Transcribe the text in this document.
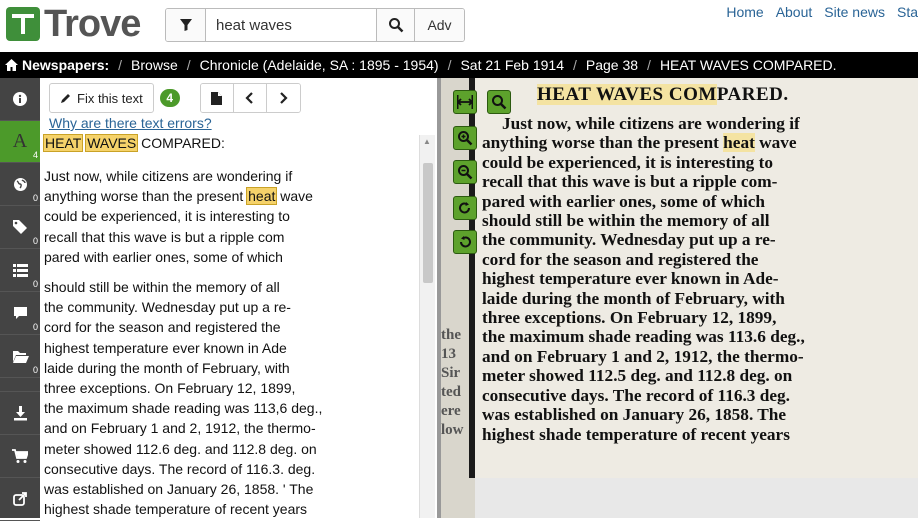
Trove
heat waves	Adv
Home About Site news Sta
Newspapers : / Browse / Chronicle (Adelaide, SA : 1895 - 1954) / Sat 21 Feb 1914 / Page 38 / HEAT WAVES COMPARED.
A
4
0
0
0
0
0
Fix this text	4
Why are there text errors?
HEAT WAVES COMPARED:
Just now, while citizens are wondering if
anything worse than the present heat wave
could be experienced, it is interesting to
recall that this wave is but a ripple com
pared with earlier ones, some of which
should still be within the memory of all
the community. Wednesday put up a re-
cord for the season and registered the
highest temperature ever known in Ade
laide during the month of February, with
three exceptions. On February 12, 1899,
the maximum shade reading was 113,6 deg.,
and on February 1 and 2, 1912, the thermo-
meter showed 112.6 deg. and 112.8 deg. on
consecutive days. The record of 116.3. deg.
was established on January 26, 1858. ' The
highest shade temperature of recent years
▲
the
13
Sir
ted
ere
low
HEAT WAVES COMPARED.
Just now, while citizens are wondering if
anything worse than the present heat wave
could be experienced, it is interesting to
recall that this wave is but a ripple com-
pared with earlier ones, some of which
should still be within the memory of all
the community. Wednesday put up a re-
cord for the season and registered the
highest temperature ever known in Ade-
laide during the month of February, with
three exceptions. On February 12, 1899,
the maximum shade reading was 113.6 deg.,
and on February 1 and 2, 1912, the thermo-
meter showed 112.5 deg. and 112.8 deg. on
consecutive days. The record of 116.3 deg.
was established on January 26, 1858. The
highest shade temperature of recent years
